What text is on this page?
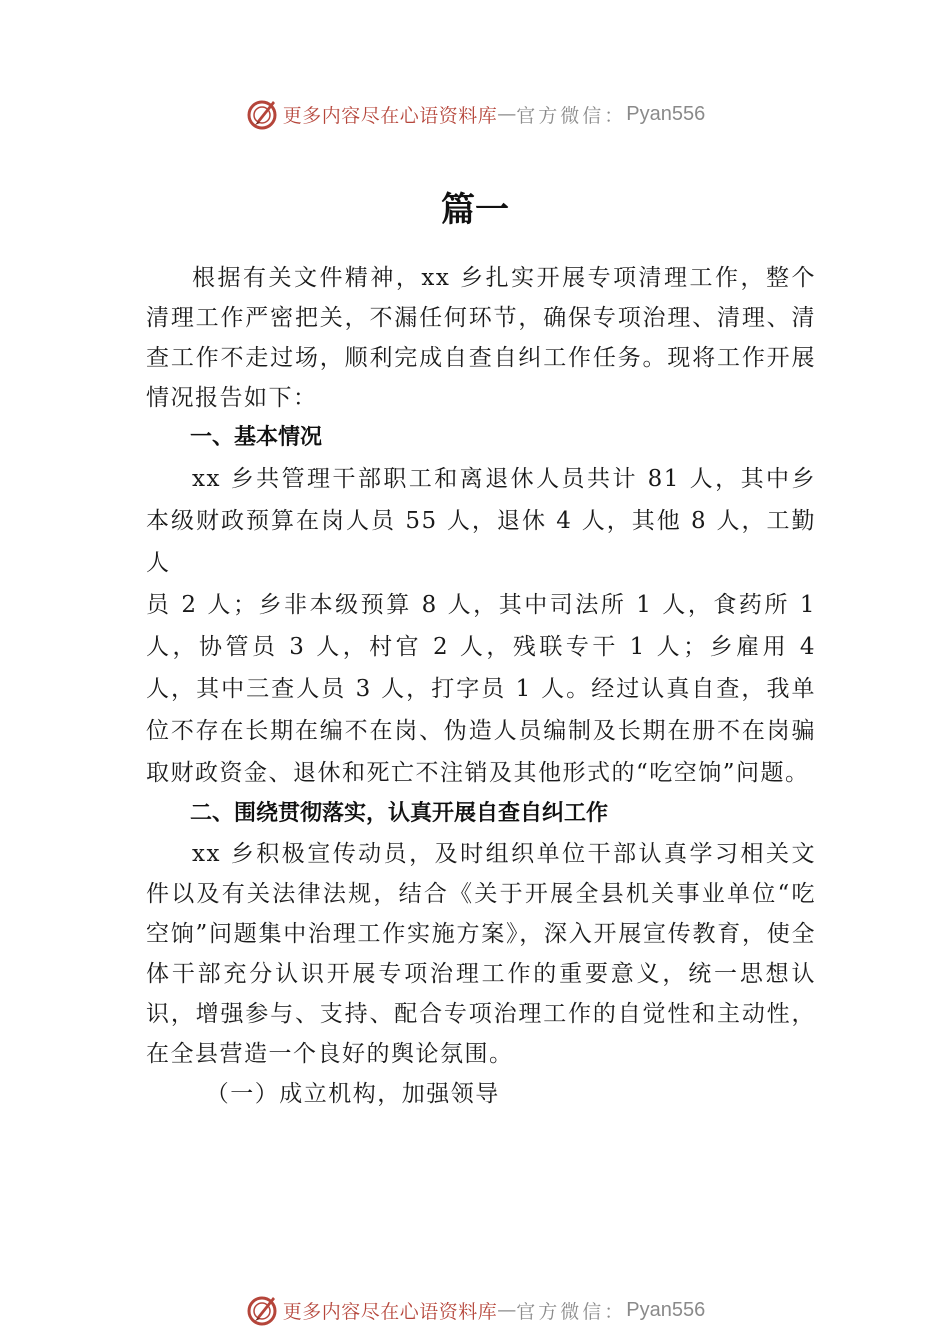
更多内容尽在心语资料库 — 官方微信： Pyan556
篇一

根据有关文件精神，xx 乡扎实开展专项清理工作，整个清理工作严密把关，不漏任何环节，确保专项治理、清理、清查工作不走过场，顺利完成自查自纠工作任务。现将工作开展情况报告如下：

一、基本情况

xx 乡共管理干部职工和离退休人员共计 81 人，其中乡本级财政预算在岗人员 55 人，退休 4 人，其他 8 人，工勤人

员 2 人；乡非本级预算 8 人，其中司法所 1 人，食药所 1 人，协管员 3 人，村官 2 人，残联专干 1 人；乡雇用 4 人，其中三查人员 3 人，打字员 1 人。经过认真自查，我单位不存在长期在编不在岗、伪造人员编制及长期在册不在岗骗取财政资金、退休和死亡不注销及其他形式的“吃空饷”问题。

二、围绕贯彻落实，认真开展自查自纠工作

xx 乡积极宣传动员，及时组织单位干部认真学习相关文件以及有关法律法规，结合《关于开展全县机关事业单位“吃空饷”问题集中治理工作实施方案》，深入开展宣传教育，使全体干部充分认识开展专项治理工作的重要意义，统一思想认识，增强参与、支持、配合专项治理工作的自觉性和主动性，在全县营造一个良好的舆论氛围。

（一）成立机构，加强领导

更多内容尽在心语资料库 — 官方微信： Pyan556
